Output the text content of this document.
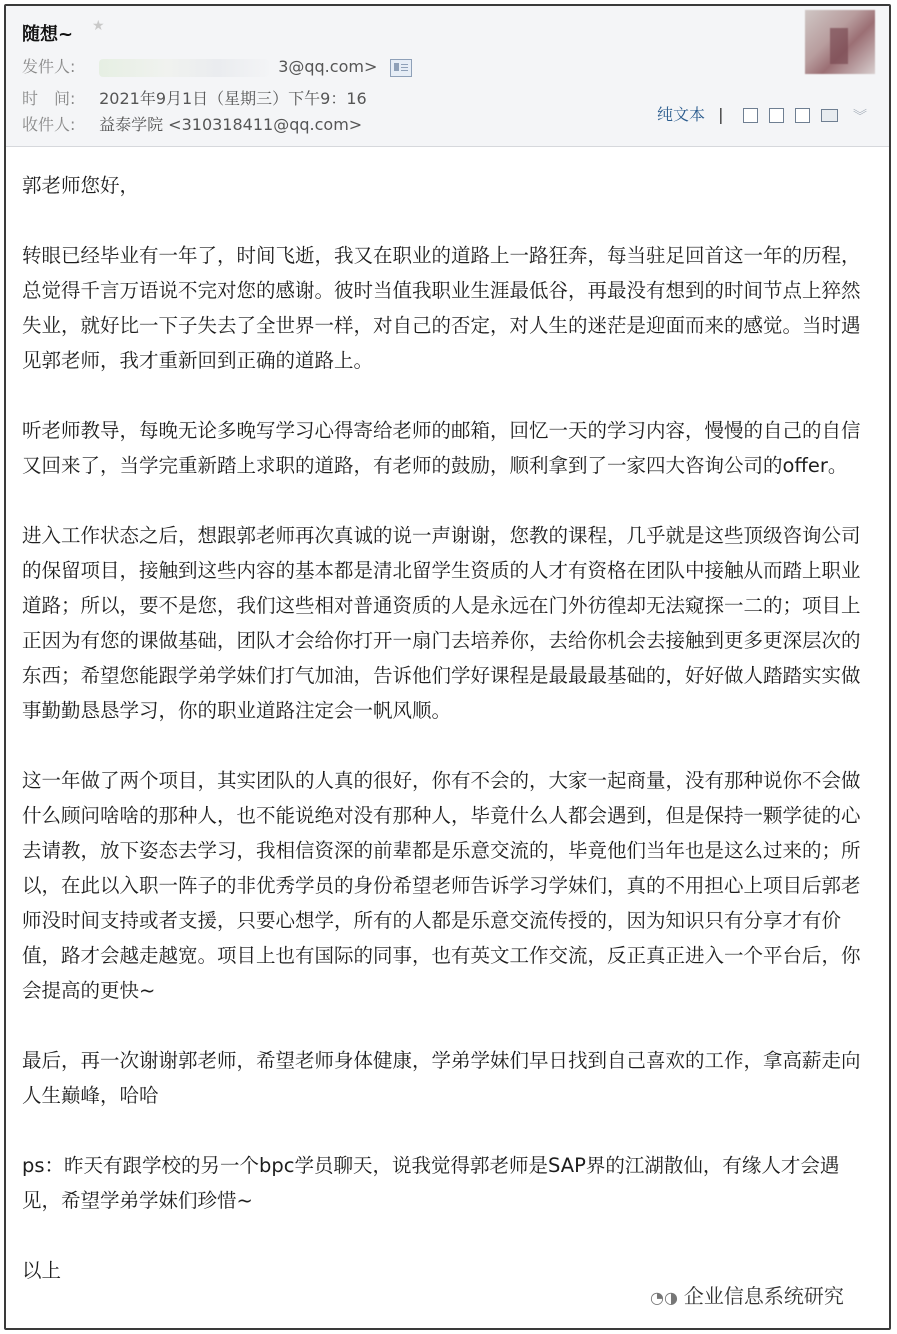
随想~ ★
发件人:	3@qq.com>
时　间: 2021年9月1日（星期三）下午9：16
收件人: 益泰学院 <310318411@qq.com>
纯文本 |	︾

郭老师您好，

转眼已经毕业有一年了，时间飞逝，我又在职业的道路上一路狂奔，每当驻足回首这一年的历程，总觉得千言万语说不完对您的感谢。彼时当值我职业生涯最低谷，再最没有想到的时间节点上猝然失业，就好比一下子失去了全世界一样，对自己的否定，对人生的迷茫是迎面而来的感觉。当时遇见郭老师，我才重新回到正确的道路上。

听老师教导，每晚无论多晚写学习心得寄给老师的邮箱，回忆一天的学习内容，慢慢的自己的自信又回来了，当学完重新踏上求职的道路，有老师的鼓励，顺利拿到了一家四大咨询公司的offer。

进入工作状态之后，想跟郭老师再次真诚的说一声谢谢，您教的课程，几乎就是这些顶级咨询公司的保留项目，接触到这些内容的基本都是清北留学生资质的人才有资格在团队中接触从而踏上职业道路；所以，要不是您，我们这些相对普通资质的人是永远在门外彷徨却无法窥探一二的；项目上正因为有您的课做基础，团队才会给你打开一扇门去培养你，去给你机会去接触到更多更深层次的东西；希望您能跟学弟学妹们打气加油，告诉他们学好课程是最最最基础的，好好做人踏踏实实做事勤勤恳恳学习，你的职业道路注定会一帆风顺。

这一年做了两个项目，其实团队的人真的很好，你有不会的，大家一起商量，没有那种说你不会做什么顾问啥啥的那种人，也不能说绝对没有那种人，毕竟什么人都会遇到，但是保持一颗学徒的心去请教，放下姿态去学习，我相信资深的前辈都是乐意交流的，毕竟他们当年也是这么过来的；所以，在此以入职一阵子的非优秀学员的身份希望老师告诉学习学妹们，真的不用担心上项目后郭老师没时间支持或者支援，只要心想学，所有的人都是乐意交流传授的，因为知识只有分享才有价值，路才会越走越宽。项目上也有国际的同事，也有英文工作交流，反正真正进入一个平台后，你会提高的更快~

最后，再一次谢谢郭老师，希望老师身体健康，学弟学妹们早日找到自己喜欢的工作，拿高薪走向人生巅峰，哈哈

ps：昨天有跟学校的另一个bpc学员聊天，说我觉得郭老师是SAP界的江湖散仙，有缘人才会遇见，希望学弟学妹们珍惜~

以上

◔◑ 企业信息系统研究
